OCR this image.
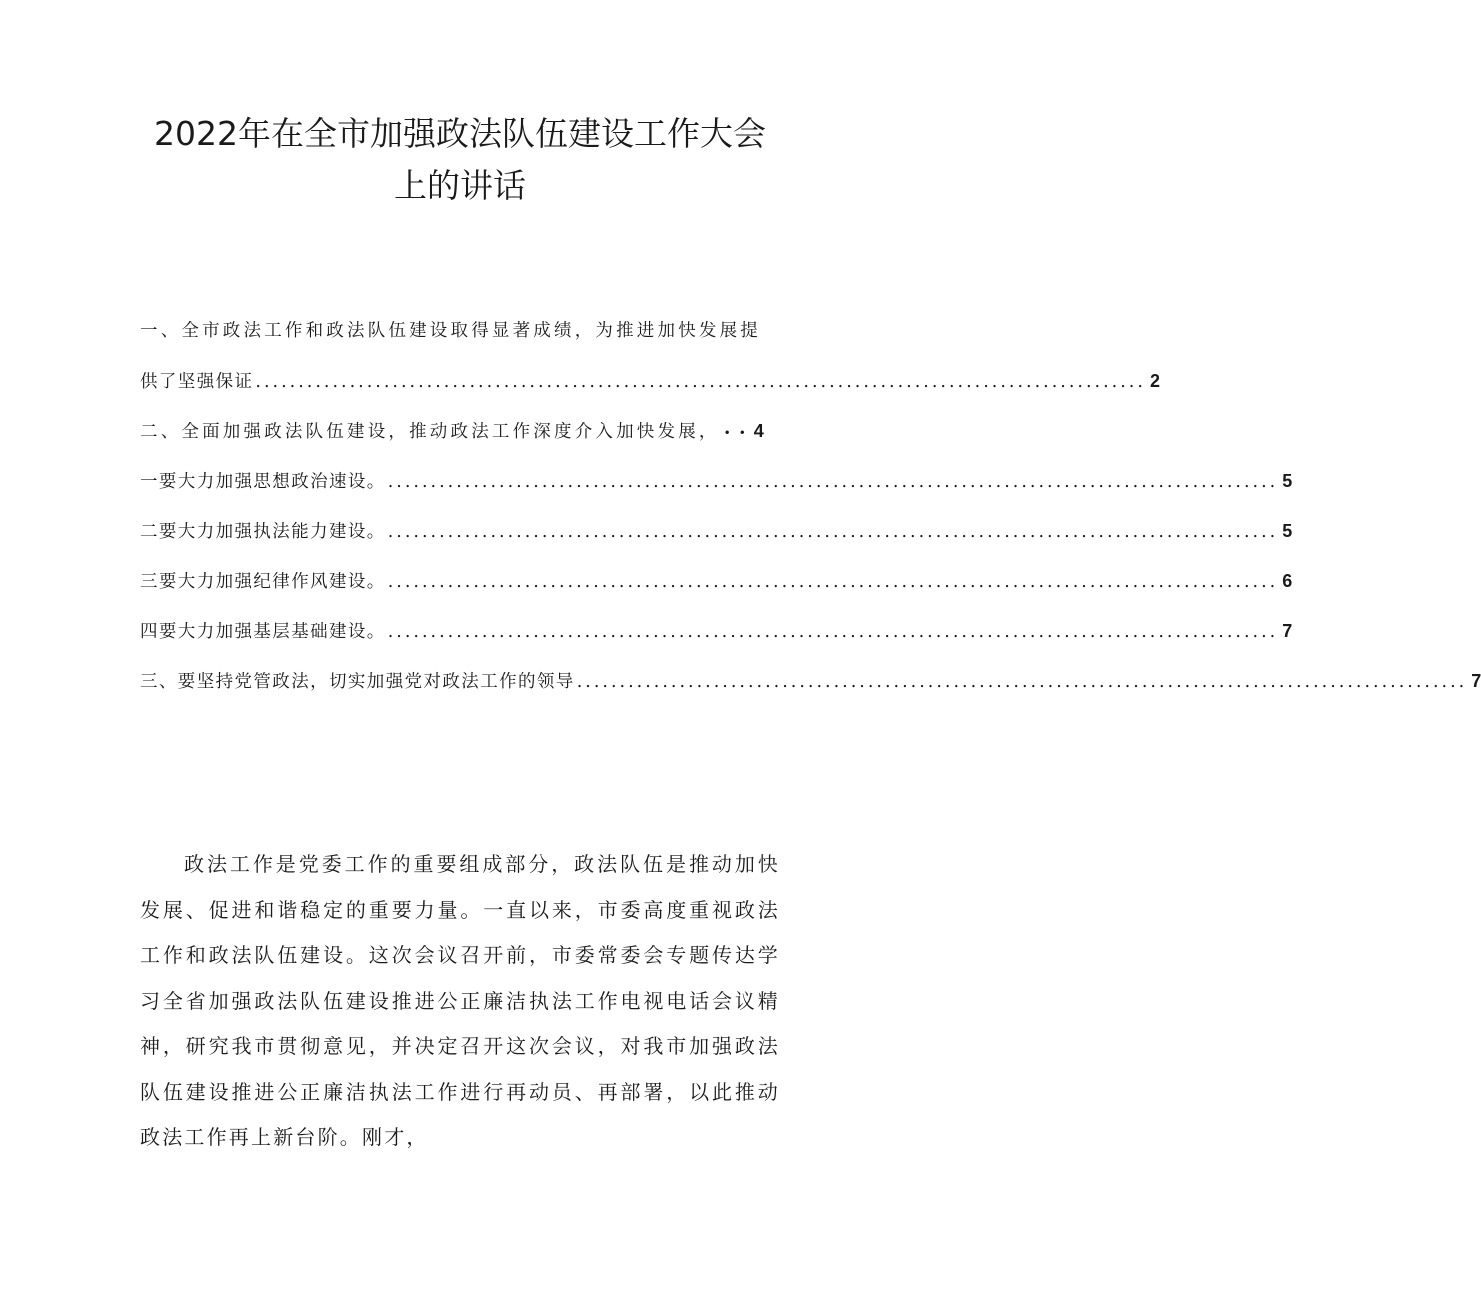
2022年在全市加强政法队伍建设工作大会
上的讲话
一、全市政法工作和政法队伍建设取得显著成绩，为推进加快发展提
供了坚强保证 ........................................................................................................ 2
二、全面加强政法队伍建设，推动政法工作深度介入加快发展， •• 4
一要大力加强思想政治速设。 ........................................................................................................ 5
二要大力加强执法能力建设。 ........................................................................................................ 5
三要大力加强纪律作风建设。 ........................................................................................................ 6
四要大力加强基层基础建设。 ........................................................................................................ 7
三、要坚持党管政法，切实加强党对政法工作的领导 ........................................................................................................ 7

政法工作是党委工作的重要组成部分，政法队伍是推动加快发展、促进和谐稳定的重要力量。一直以来，市委高度重视政法工作和政法队伍建设。这次会议召开前，市委常委会专题传达学习全省加强政法队伍建设推进公正廉洁执法工作电视电话会议精神，研究我市贯彻意见，并决定召开这次会议，对我市加强政法队伍建设推进公正廉洁执法工作进行再动员、再部署，以此推动政法工作再上新台阶。刚才，
